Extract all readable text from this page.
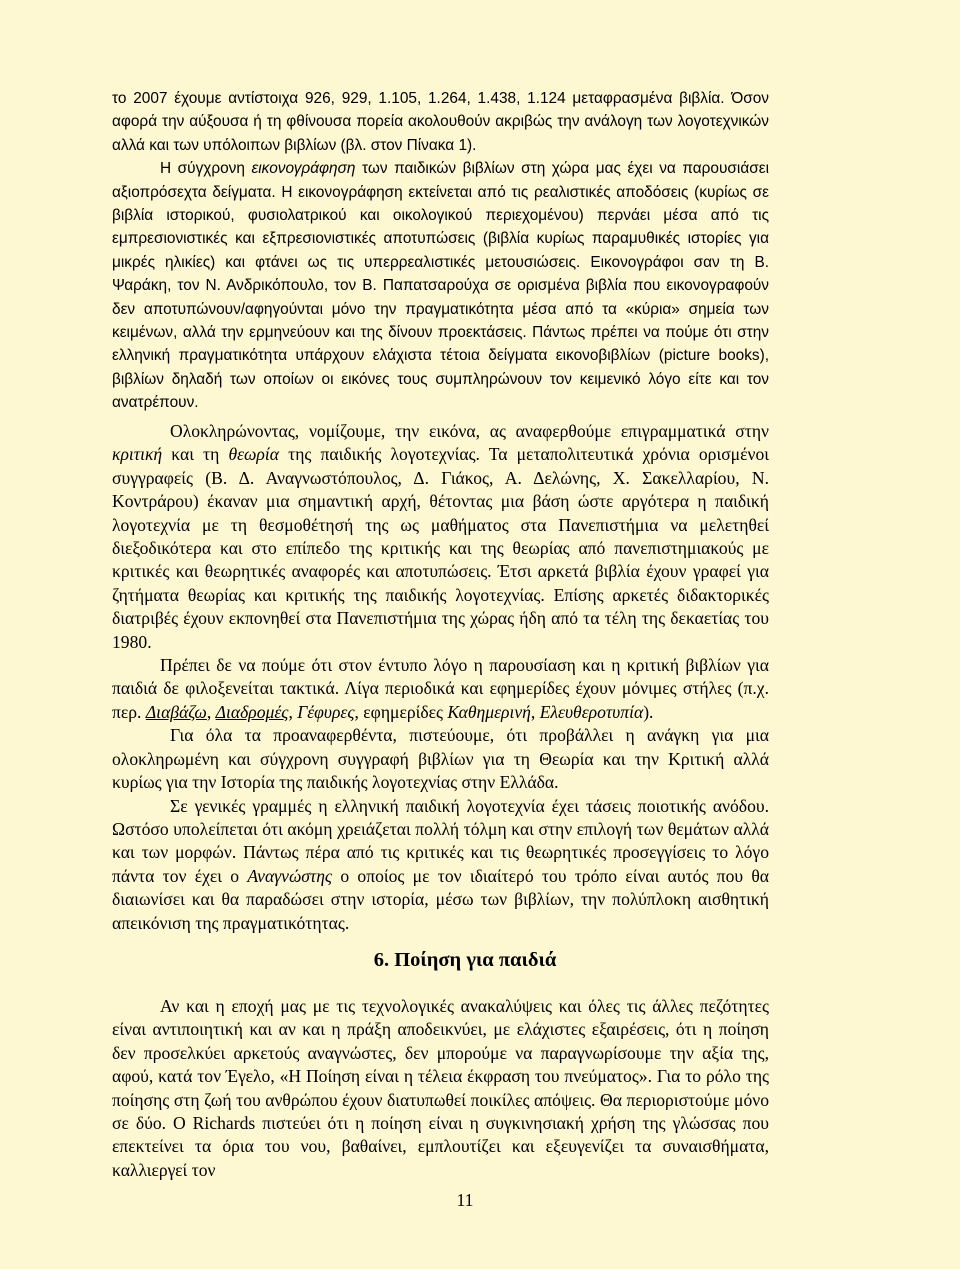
το 2007 έχουμε αντίστοιχα 926, 929, 1.105, 1.264, 1.438, 1.124 μεταφρασμένα βιβλία. Όσον αφορά την αύξουσα ή τη φθίνουσα πορεία ακολουθούν ακριβώς την ανάλογη των λογοτεχνικών αλλά και των υπόλοιπων βιβλίων (βλ. στον Πίνακα 1).

Η σύγχρονη εικονογράφηση των παιδικών βιβλίων στη χώρα μας έχει να παρουσιάσει αξιοπρόσεχτα δείγματα. Η εικονογράφηση εκτείνεται από τις ρεαλιστικές αποδόσεις (κυρίως σε βιβλία ιστορικού, φυσιολατρικού και οικολογικού περιεχομένου) περνάει μέσα από τις εμπρεσιονιστικές και εξπρεσιονιστικές αποτυπώσεις (βιβλία κυρίως παραμυθικές ιστορίες για μικρές ηλικίες) και φτάνει ως τις υπερρεαλιστικές μετουσιώσεις. Εικονογράφοι σαν τη Β. Ψαράκη, τον Ν. Ανδρικόπουλο, τον Β. Παπατσαρούχα σε ορισμένα βιβλία που εικονογραφούν δεν αποτυπώνουν/αφηγούνται μόνο την πραγματικότητα μέσα από τα «κύρια» σημεία των κειμένων, αλλά την ερμηνεύουν και της δίνουν προεκτάσεις. Πάντως πρέπει να πούμε ότι στην ελληνική πραγματικότητα υπάρχουν ελάχιστα τέτοια δείγματα εικονοβιβλίων (picture books), βιβλίων δηλαδή των οποίων οι εικόνες τους συμπληρώνουν τον κειμενικό λόγο είτε και τον ανατρέπουν.

Ολοκληρώνοντας, νομίζουμε, την εικόνα, ας αναφερθούμε επιγραμματικά στην κριτική και τη θεωρία της παιδικής λογοτεχνίας. Τα μεταπολιτευτικά χρόνια ορισμένοι συγγραφείς (Β. Δ. Αναγνωστόπουλος, Δ. Γιάκος, Α. Δελώνης, Χ. Σακελλαρίου, Ν. Κοντράρου) έκαναν μια σημαντική αρχή, θέτοντας μια βάση ώστε αργότερα η παιδική λογοτεχνία με τη θεσμοθέτησή της ως μαθήματος στα Πανεπιστήμια να μελετηθεί διεξοδικότερα και στο επίπεδο της κριτικής και της θεωρίας από πανεπιστημιακούς με κριτικές και θεωρητικές αναφορές και αποτυπώσεις. Έτσι αρκετά βιβλία έχουν γραφεί για ζητήματα θεωρίας και κριτικής της παιδικής λογοτεχνίας. Επίσης αρκετές διδακτορικές διατριβές έχουν εκπονηθεί στα Πανεπιστήμια της χώρας ήδη από τα τέλη της δεκαετίας του 1980.

Πρέπει δε να πούμε ότι στον έντυπο λόγο η παρουσίαση και η κριτική βιβλίων για παιδιά δε φιλοξενείται τακτικά. Λίγα περιοδικά και εφημερίδες έχουν μόνιμες στήλες (π.χ. περ. Διαβάζω, Διαδρομές, Γέφυρες, εφημερίδες Καθημερινή, Ελευθεροτυπία).

Για όλα τα προαναφερθέντα, πιστεύουμε, ότι προβάλλει η ανάγκη για μια ολοκληρωμένη και σύγχρονη συγγραφή βιβλίων για τη Θεωρία και την Κριτική αλλά κυρίως για την Ιστορία της παιδικής λογοτεχνίας στην Ελλάδα.

Σε γενικές γραμμές η ελληνική παιδική λογοτεχνία έχει τάσεις ποιοτικής ανόδου. Ωστόσο υπολείπεται ότι ακόμη χρειάζεται πολλή τόλμη και στην επιλογή των θεμάτων αλλά και των μορφών. Πάντως πέρα από τις κριτικές και τις θεωρητικές προσεγγίσεις το λόγο πάντα τον έχει ο Αναγνώστης ο οποίος με τον ιδιαίτερό του τρόπο είναι αυτός που θα διαιωνίσει και θα παραδώσει στην ιστορία, μέσω των βιβλίων, την πολύπλοκη αισθητική απεικόνιση της πραγματικότητας.

6. Ποίηση για παιδιά

Αν και η εποχή μας με τις τεχνολογικές ανακαλύψεις και όλες τις άλλες πεζότητες είναι αντιποιητική και αν και η πράξη αποδεικνύει, με ελάχιστες εξαιρέσεις, ότι η ποίηση δεν προσελκύει αρκετούς αναγνώστες, δεν μπορούμε να παραγνωρίσουμε την αξία της, αφού, κατά τον Έγελο, «Η Ποίηση είναι η τέλεια έκφραση του πνεύματος». Για το ρόλο της ποίησης στη ζωή του ανθρώπου έχουν διατυπωθεί ποικίλες απόψεις. Θα περιοριστούμε μόνο σε δύο. Ο Richards πιστεύει ότι η ποίηση είναι η συγκινησιακή χρήση της γλώσσας που επεκτείνει τα όρια του νου, βαθαίνει, εμπλουτίζει και εξευγενίζει τα συναισθήματα, καλλιεργεί τον

11
